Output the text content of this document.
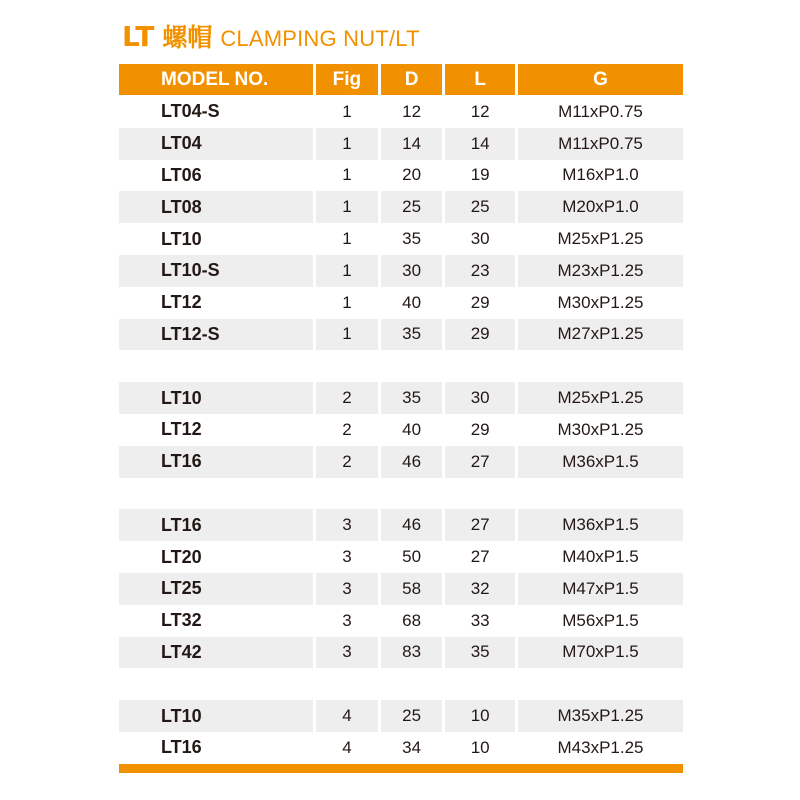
LT 螺帽 CLAMPING NUT/LT
MODEL NO.	Fig	D	L	G
LT04-S	1	12	12	M11xP0.75
LT04	1	14	14	M11xP0.75
LT06	1	20	19	M16xP1.0
LT08	1	25	25	M20xP1.0
LT10	1	35	30	M25xP1.25
LT10-S	1	30	23	M23xP1.25
LT12	1	40	29	M30xP1.25
LT12-S	1	35	29	M27xP1.25
LT10	2	35	30	M25xP1.25
LT12	2	40	29	M30xP1.25
LT16	2	46	27	M36xP1.5
LT16	3	46	27	M36xP1.5
LT20	3	50	27	M40xP1.5
LT25	3	58	32	M47xP1.5
LT32	3	68	33	M56xP1.5
LT42	3	83	35	M70xP1.5
LT10	4	25	10	M35xP1.25
LT16	4	34	10	M43xP1.25
